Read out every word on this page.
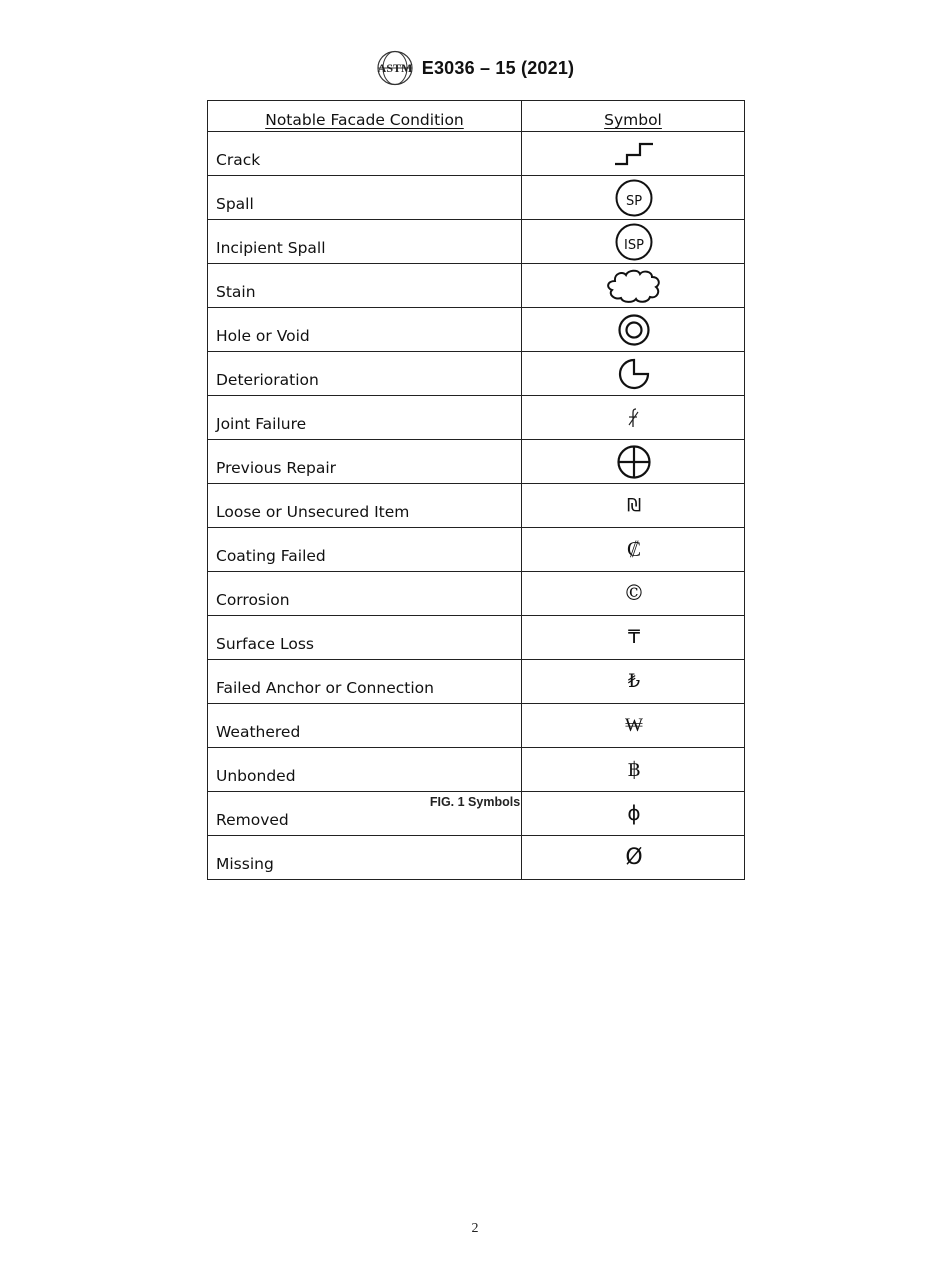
ASTM E3036 – 15 (2021)
Notable Facade Condition	Symbol
Crack	

Spall	SP

Incipient Spall	ISP

Stain	

Hole or Void	

Deterioration	

Joint Failure	

Previous Repair	

Loose or Unsecured Item	₪
Coating Failed	₡
Corrosion	©
Surface Loss	₸
Failed Anchor or Connection	₺
Weathered	₩
Unbonded	฿
Removed	ɸ
Missing	Ø
FIG. 1 Symbols
2
